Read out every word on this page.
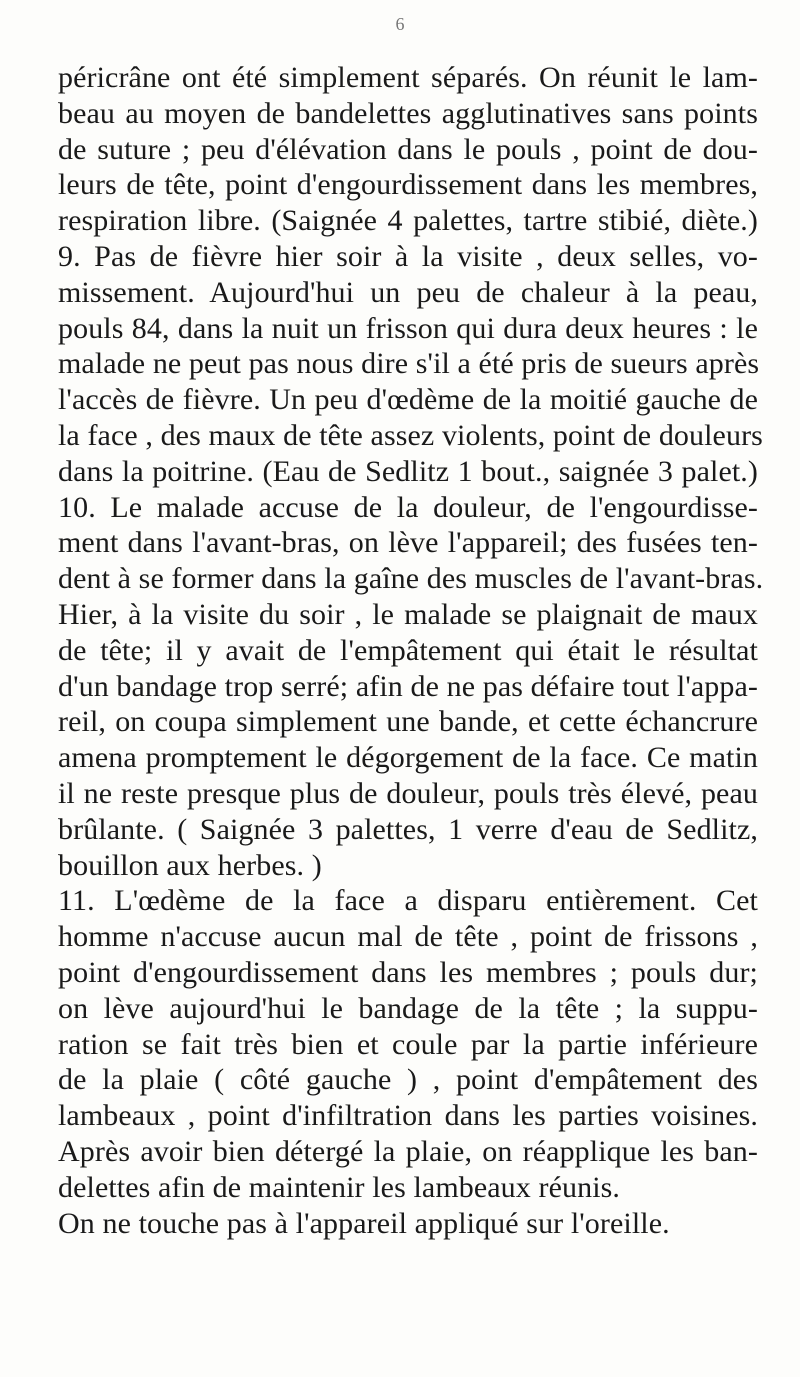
6
péricrâne ont été simplement séparés. On réunit le lam-
beau au moyen de bandelettes agglutinatives sans points
de suture ; peu d'élévation dans le pouls , point de dou-
leurs de tête, point d'engourdissement dans les membres,
respiration libre. (Saignée 4 palettes, tartre stibié, diète.)
9. Pas de fièvre hier soir à la visite , deux selles, vo-
missement. Aujourd'hui un peu de chaleur à la peau,
pouls 84, dans la nuit un frisson qui dura deux heures : le
malade ne peut pas nous dire s'il a été pris de sueurs après
l'accès de fièvre. Un peu d'œdème de la moitié gauche de
la face , des maux de tête assez violents, point de douleurs
dans la poitrine. (Eau de Sedlitz 1 bout., saignée 3 palet.)
10. Le malade accuse de la douleur, de l'engourdisse-
ment dans l'avant-bras, on lève l'appareil; des fusées ten-
dent à se former dans la gaîne des muscles de l'avant-bras.
Hier, à la visite du soir , le malade se plaignait de maux
de tête; il y avait de l'empâtement qui était le résultat
d'un bandage trop serré; afin de ne pas défaire tout l'appa-
reil, on coupa simplement une bande, et cette échancrure
amena promptement le dégorgement de la face. Ce matin
il ne reste presque plus de douleur, pouls très élevé, peau
brûlante. ( Saignée 3 palettes, 1 verre d'eau de Sedlitz,
bouillon aux herbes. )
11. L'œdème de la face a disparu entièrement. Cet
homme n'accuse aucun mal de tête , point de frissons ,
point d'engourdissement dans les membres ; pouls dur;
on lève aujourd'hui le bandage de la tête ; la suppu-
ration se fait très bien et coule par la partie inférieure
de la plaie ( côté gauche ) , point d'empâtement des
lambeaux , point d'infiltration dans les parties voisines.
Après avoir bien détergé la plaie, on réapplique les ban-
delettes afin de maintenir les lambeaux réunis.
On ne touche pas à l'appareil appliqué sur l'oreille.
